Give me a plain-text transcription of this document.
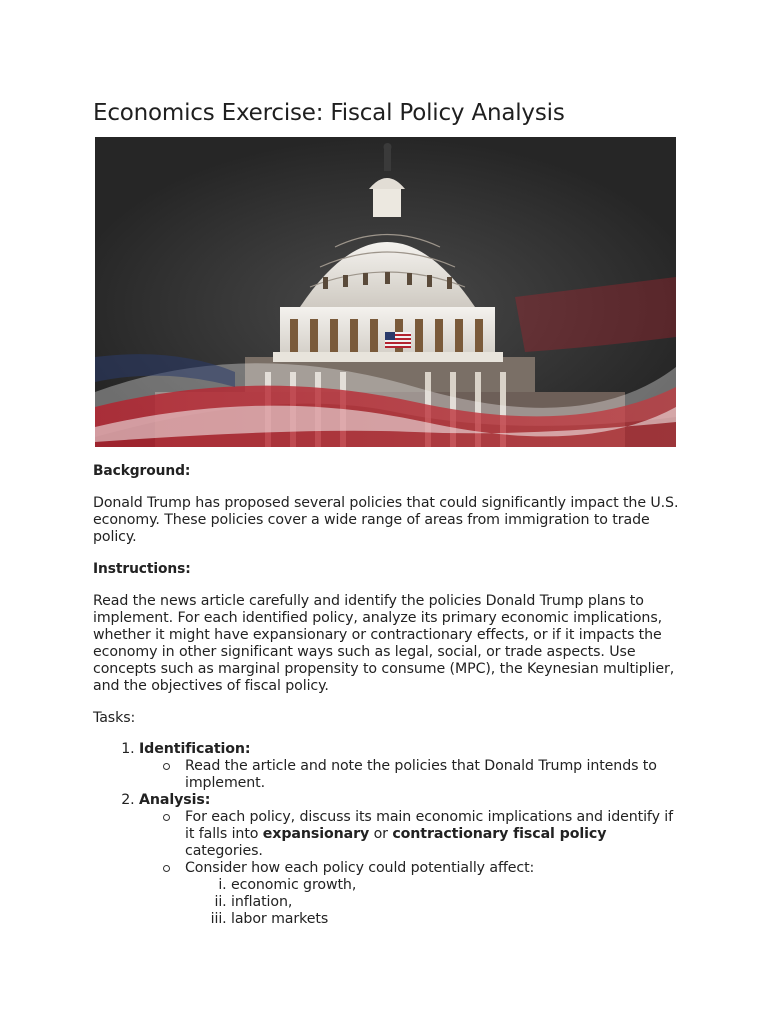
Economics Exercise: Fiscal Policy Analysis

Background:

Donald Trump has proposed several policies that could significantly impact the U.S. economy. These policies cover a wide range of areas from immigration to trade policy.

Instructions:

Read the news article carefully and identify the policies Donald Trump plans to implement. For each identified policy, analyze its primary economic implications, whether it might have expansionary or contractionary effects, or if it impacts the economy in other significant ways such as legal, social, or trade aspects. Use concepts such as marginal propensity to consume (MPC), the Keynesian multiplier, and the objectives of fiscal policy.

Tasks:

1. Identification:
Read the article and note the policies that Donald Trump intends to implement.
2. Analysis:
For each policy, discuss its main economic implications and identify if it falls into expansionary or contractionary fiscal policy categories.
Consider how each policy could potentially affect:
i. economic growth,
ii. inflation,
iii. labor markets
